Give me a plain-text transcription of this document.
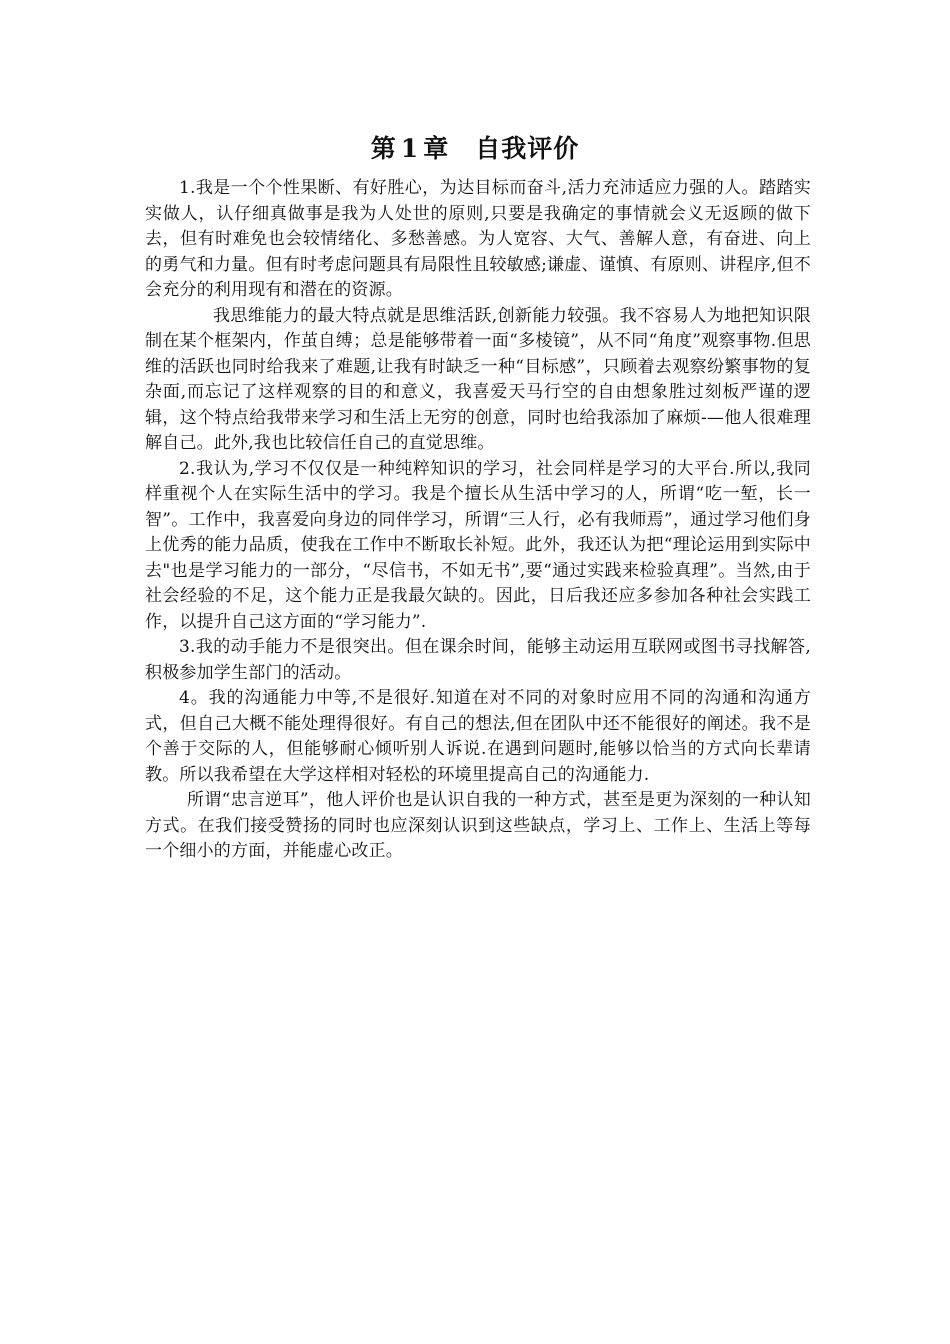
第 1 章 自我评价

1.我是一个个性果断、有好胜心，为达目标而奋斗,活力充沛适应力强的人。踏踏实实做人，认仔细真做事是我为人处世的原则,只要是我确定的事情就会义无返顾的做下去，但有时难免也会较情绪化、多愁善感。为人宽容、大气、善解人意，有奋进、向上的勇气和力量。但有时考虑问题具有局限性且较敏感;谦虚、谨慎、有原则、讲程序,但不会充分的利用现有和潜在的资源。

我思维能力的最大特点就是思维活跃,创新能力较强。我不容易人为地把知识限制在某个框架内，作茧自缚；总是能够带着一面“多棱镜”，从不同“角度”观察事物.但思维的活跃也同时给我来了难题,让我有时缺乏一种“目标感”，只顾着去观察纷繁事物的复杂面,而忘记了这样观察的目的和意义，我喜爱天马行空的自由想象胜过刻板严谨的逻辑，这个特点给我带来学习和生活上无穷的创意，同时也给我添加了麻烦-—他人很难理解自己。此外,我也比较信任自己的直觉思维。

2.我认为,学习不仅仅是一种纯粹知识的学习，社会同样是学习的大平台.所以,我同样重视个人在实际生活中的学习。我是个擅长从生活中学习的人，所谓“吃一堑，长一智”。工作中，我喜爱向身边的同伴学习，所谓“三人行，必有我师焉”，通过学习他们身上优秀的能力品质，使我在工作中不断取长补短。此外，我还认为把“理论运用到实际中去"也是学习能力的一部分，“尽信书，不如无书”,要“通过实践来检验真理”。当然,由于社会经验的不足，这个能力正是我最欠缺的。因此，日后我还应多参加各种社会实践工作，以提升自己这方面的“学习能力”.

3.我的动手能力不是很突出。但在课余时间，能够主动运用互联网或图书寻找解答,积极参加学生部门的活动。

4。我的沟通能力中等,不是很好.知道在对不同的对象时应用不同的沟通和沟通方式，但自己大概不能处理得很好。有自己的想法,但在团队中还不能很好的阐述。我不是个善于交际的人，但能够耐心倾听别人诉说.在遇到问题时,能够以恰当的方式向长辈请教。所以我希望在大学这样相对轻松的环境里提高自己的沟通能力.

所谓“忠言逆耳”，他人评价也是认识自我的一种方式，甚至是更为深刻的一种认知方式。在我们接受赞扬的同时也应深刻认识到这些缺点，学习上、工作上、生活上等每一个细小的方面，并能虚心改正。
